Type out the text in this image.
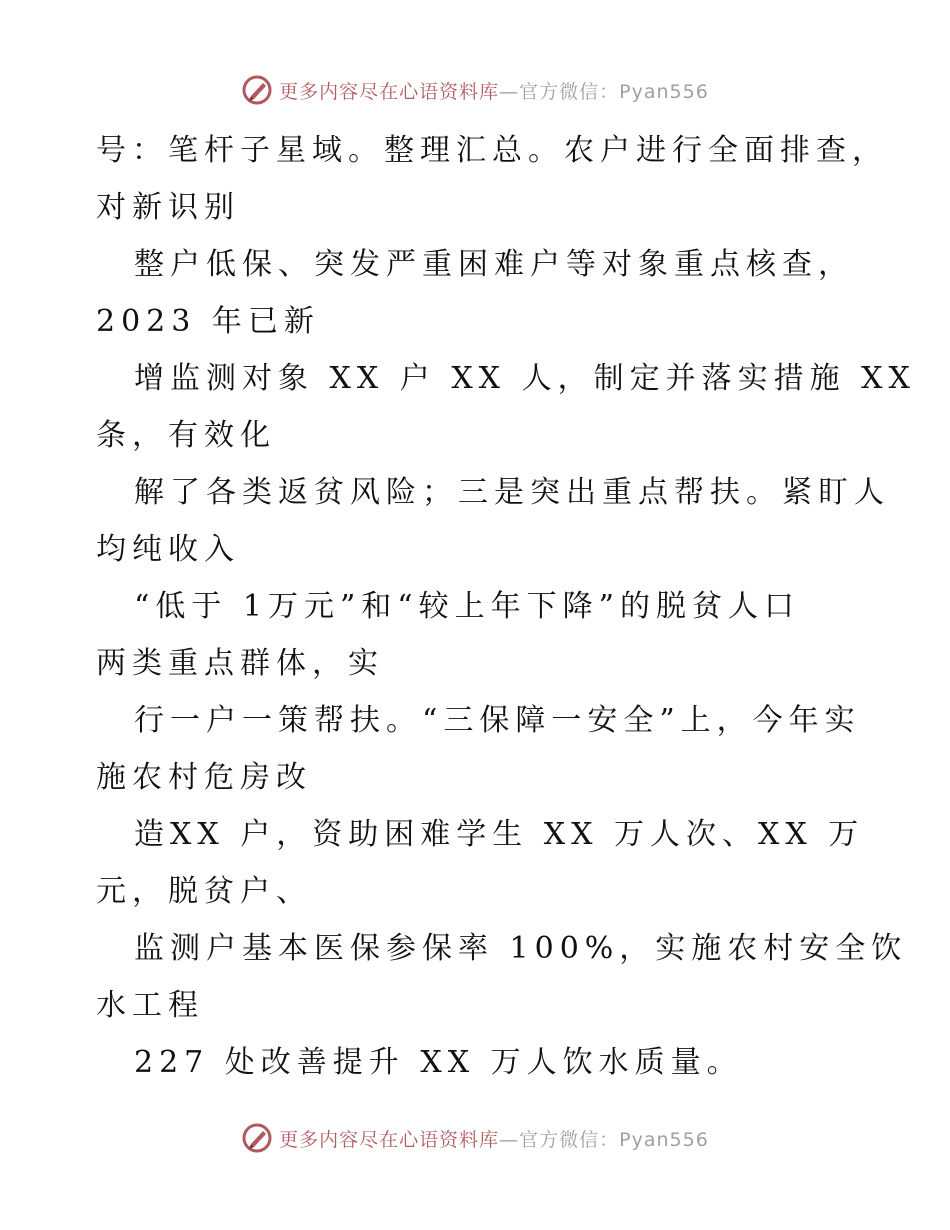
更多内容尽在心语资料库—官方微信：Pyan556
号：笔杆子星域。整理汇总。农户进行全面排查，
对新识别
整户低保、突发严重困难户等对象重点核查，
2023 年已新
增监测对象 XX 户 XX 人，制定并落实措施 XX
条，有效化
解了各类返贫风险；三是突出重点帮扶。紧盯人
均纯收入
“低于 1万元”和“较上年下降”的脱贫人口
两类重点群体，实
行一户一策帮扶。“三保障一安全”上，今年实
施农村危房改
造XX 户，资助困难学生 XX 万人次、XX 万
元，脱贫户、
监测户基本医保参保率 100%，实施农村安全饮
水工程
227 处改善提升 XX 万人饮水质量。
更多内容尽在心语资料库—官方微信：Pyan556
